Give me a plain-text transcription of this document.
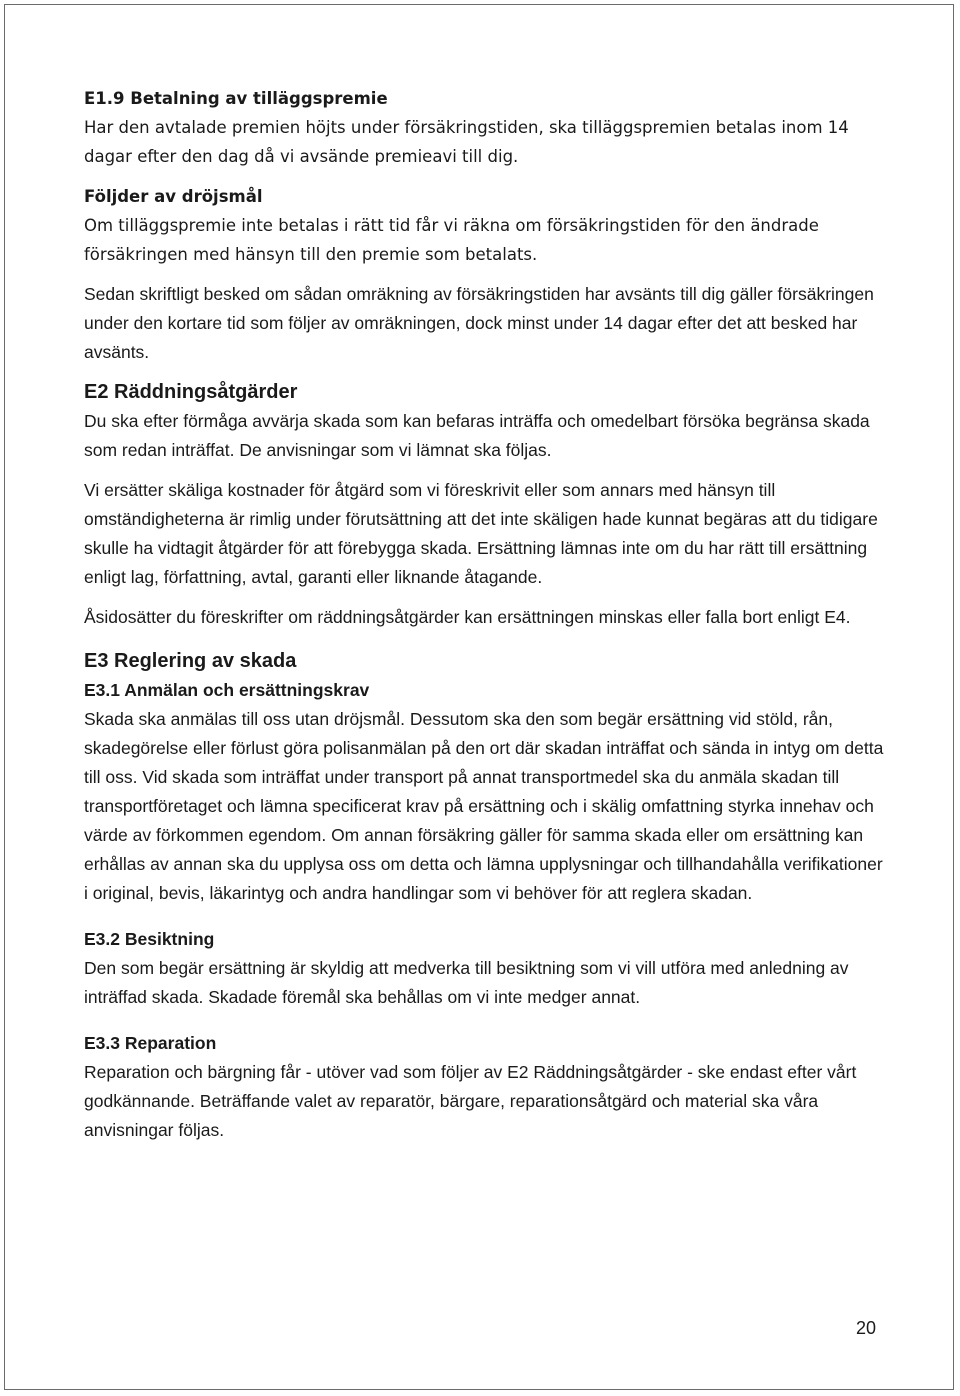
E1.9 Betalning av tilläggspremie

Har den avtalade premien höjts under försäkringstiden, ska tilläggspremien betalas inom 14 dagar efter den dag då vi avsände premieavi till dig.

Följder av dröjsmål

Om tilläggspremie inte betalas i rätt tid får vi räkna om försäkringstiden för den ändrade försäkringen med hänsyn till den premie som betalats.

Sedan skriftligt besked om sådan omräkning av försäkringstiden har avsänts till dig gäller försäkringen under den kortare tid som följer av omräkningen, dock minst under 14 dagar efter det att besked har avsänts.

E2 Räddningsåtgärder

Du ska efter förmåga avvärja skada som kan befaras inträffa och omedelbart försöka begränsa skada som redan inträffat. De anvisningar som vi lämnat ska följas.

Vi ersätter skäliga kostnader för åtgärd som vi föreskrivit eller som annars med hänsyn till omständigheterna är rimlig under förutsättning att det inte skäligen hade kunnat begäras att du tidigare skulle ha vidtagit åtgärder för att förebygga skada. Ersättning lämnas inte om du har rätt till ersättning enligt lag, författning, avtal, garanti eller liknande åtagande.

Åsidosätter du föreskrifter om räddningsåtgärder kan ersättningen minskas eller falla bort enligt E4.

E3 Reglering av skada
E3.1 Anmälan och ersättningskrav

Skada ska anmälas till oss utan dröjsmål. Dessutom ska den som begär ersättning vid stöld, rån, skadegörelse eller förlust göra polisanmälan på den ort där skadan inträffat och sända in intyg om detta till oss. Vid skada som inträffat under transport på annat transportmedel ska du anmäla skadan till transportföretaget och lämna specificerat krav på ersättning och i skälig omfattning styrka innehav och värde av förkommen egendom. Om annan försäkring gäller för samma skada eller om ersättning kan erhållas av annan ska du upplysa oss om detta och lämna upplysningar och tillhandahålla verifikationer i original, bevis, läkarintyg och andra handlingar som vi behöver för att reglera skadan.

E3.2 Besiktning

Den som begär ersättning är skyldig att medverka till besiktning som vi vill utföra med anledning av inträffad skada. Skadade föremål ska behållas om vi inte medger annat.

E3.3 Reparation

Reparation och bärgning får - utöver vad som följer av E2 Räddningsåtgärder - ske endast efter vårt godkännande. Beträffande valet av reparatör, bärgare, reparationsåtgärd och material ska våra anvisningar följas.

20
